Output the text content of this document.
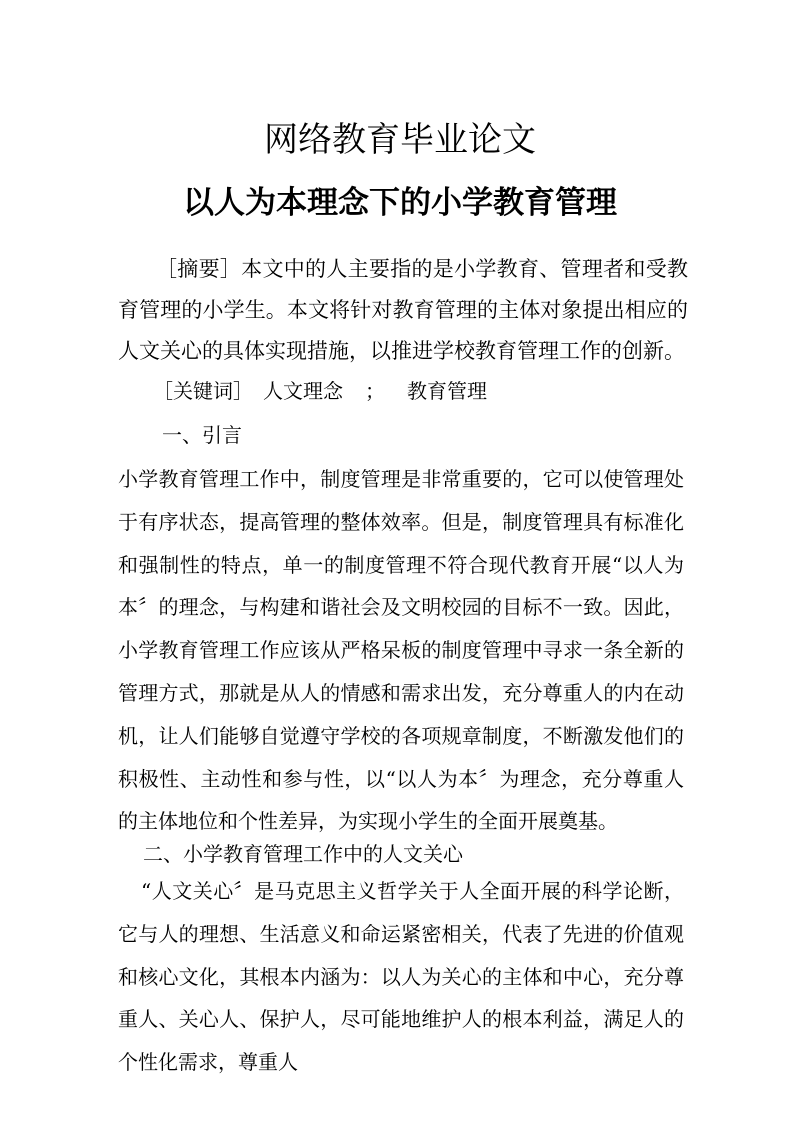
网络教育毕业论文
以人为本理念下的小学教育管理

［摘要］本文中的人主要指的是小学教育、管理者和受教育管理的小学生。本文将针对教育管理的主体对象提出相应的人文关心的具体实现措施，以推进学校教育管理工作的创新。

［关键词］ 人文理念 ； 教育管理
一、引言

小学教育管理工作中，制度管理是非常重要的，它可以使管理处于有序状态，提高管理的整体效率。但是，制度管理具有标准化和强制性的特点，单一的制度管理不符合现代教育开展“以人为本〞的理念，与构建和谐社会及文明校园的目标不一致。因此，小学教育管理工作应该从严格呆板的制度管理中寻求一条全新的管理方式，那就是从人的情感和需求出发，充分尊重人的内在动机，让人们能够自觉遵守学校的各项规章制度，不断激发他们的积极性、主动性和参与性，以“以人为本〞为理念，充分尊重人的主体地位和个性差异，为实现小学生的全面开展奠基。

二、小学教育管理工作中的人文关心

“人文关心〞是马克思主义哲学关于人全面开展的科学论断，它与人的理想、生活意义和命运紧密相关，代表了先进的价值观和核心文化，其根本内涵为：以人为关心的主体和中心，充分尊重人、关心人、保护人，尽可能地维护人的根本利益，满足人的个性化需求，尊重人
